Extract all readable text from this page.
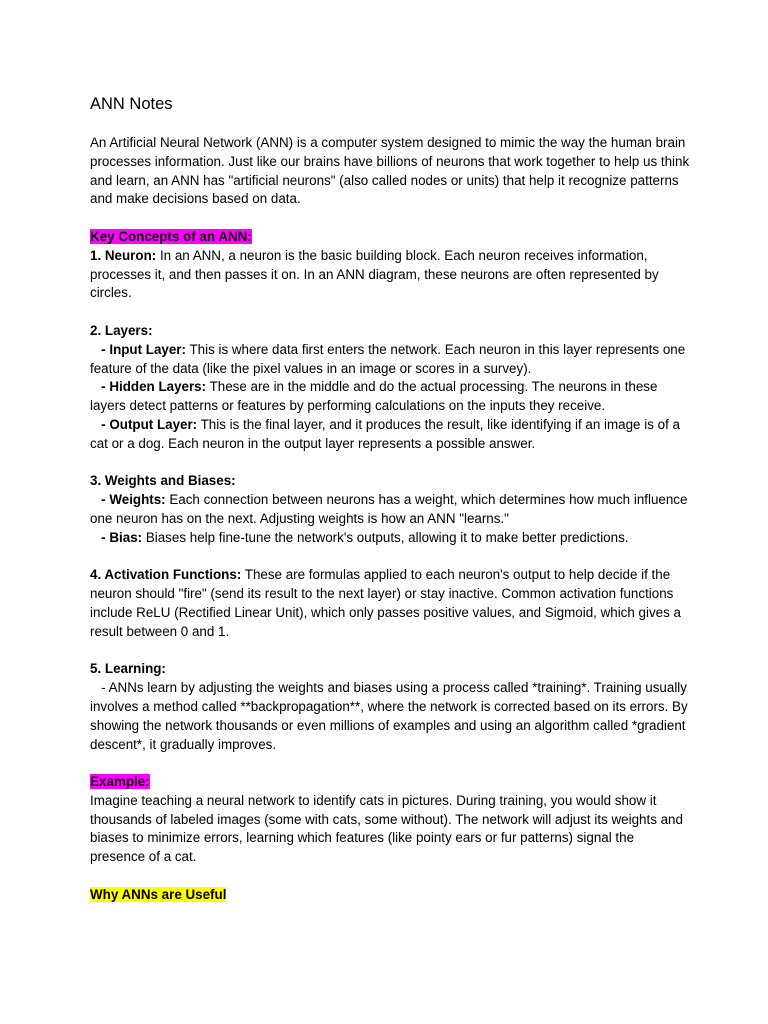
ANN Notes

An Artificial Neural Network (ANN) is a computer system designed to mimic the way the human brain processes information. Just like our brains have billions of neurons that work together to help us think and learn, an ANN has "artificial neurons" (also called nodes or units) that help it recognize patterns and make decisions based on data.

Key Concepts of an ANN:

1. Neuron: In an ANN, a neuron is the basic building block. Each neuron receives information, processes it, and then passes it on. In an ANN diagram, these neurons are often represented by circles.

2. Layers:

- Input Layer: This is where data first enters the network. Each neuron in this layer represents one feature of the data (like the pixel values in an image or scores in a survey).

- Hidden Layers: These are in the middle and do the actual processing. The neurons in these layers detect patterns or features by performing calculations on the inputs they receive.

- Output Layer: This is the final layer, and it produces the result, like identifying if an image is of a cat or a dog. Each neuron in the output layer represents a possible answer.

3. Weights and Biases:

- Weights: Each connection between neurons has a weight, which determines how much influence one neuron has on the next. Adjusting weights is how an ANN "learns."

- Bias: Biases help fine-tune the network's outputs, allowing it to make better predictions.

4. Activation Functions: These are formulas applied to each neuron's output to help decide if the neuron should "fire" (send its result to the next layer) or stay inactive. Common activation functions include ReLU (Rectified Linear Unit), which only passes positive values, and Sigmoid, which gives a result between 0 and 1.

5. Learning:

- ANNs learn by adjusting the weights and biases using a process called *training*. Training usually involves a method called **backpropagation**, where the network is corrected based on its errors. By showing the network thousands or even millions of examples and using an algorithm called *gradient descent*, it gradually improves.

Example:

Imagine teaching a neural network to identify cats in pictures. During training, you would show it thousands of labeled images (some with cats, some without). The network will adjust its weights and biases to minimize errors, learning which features (like pointy ears or fur patterns) signal the presence of a cat.

Why ANNs are Useful
